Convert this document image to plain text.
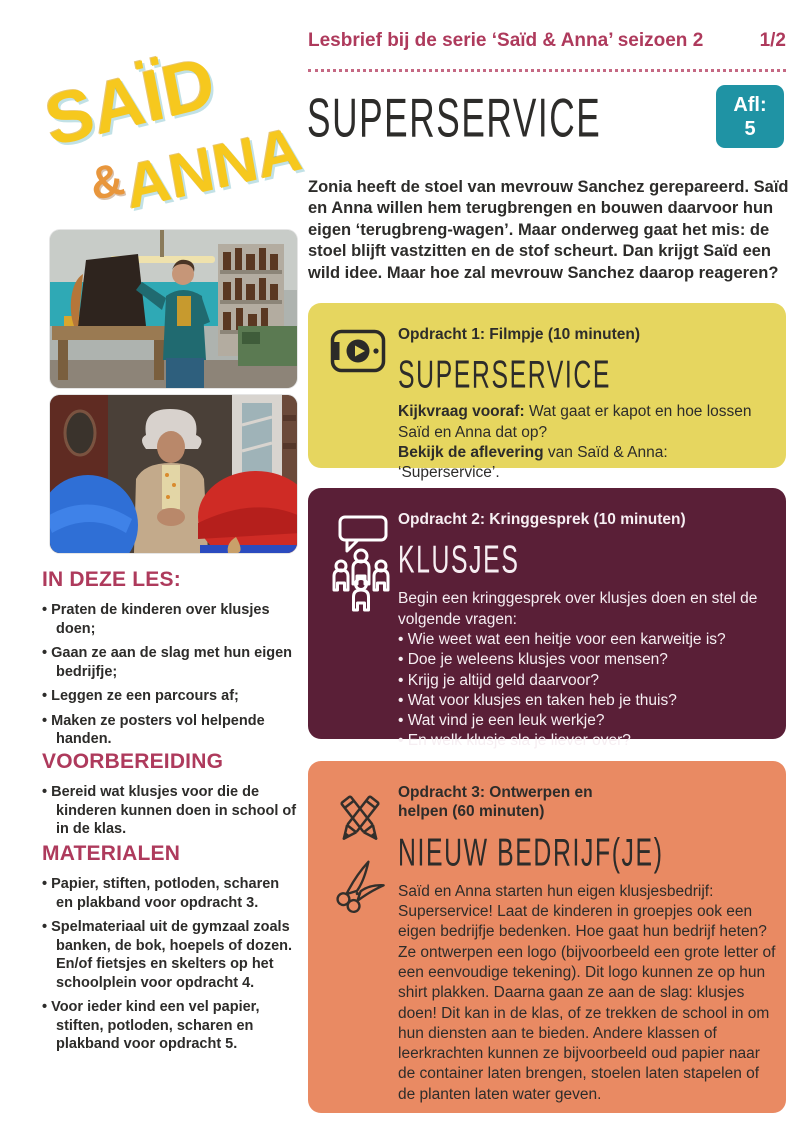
Lesbrief bij de serie ‘Saïd & Anna’ seizoen 2	1/2
SAÏD
&
ANNA
IN DEZE LES:
• Praten de kinderen over klusjes doen;
• Gaan ze aan de slag met hun eigen bedrijfje;
• Leggen ze een parcours af;
• Maken ze posters vol helpende handen.
VOORBEREIDING
• Bereid wat klusjes voor die de kinderen kunnen doen in school of in de klas.
MATERIALEN
• Papier, stiften, potloden, scharen en plakband voor opdracht 3.
• Spelmateriaal uit de gymzaal zoals banken, de bok, hoepels of dozen. En/of fietsjes en skelters op het schoolplein voor opdracht 4.
• Voor ieder kind een vel papier, stiften, potloden, scharen en plakband voor opdracht 5.
SUPERSERVICE	Afl:
5

Zonia heeft de stoel van mevrouw Sanchez gerepareerd. Saïd en Anna willen hem terugbrengen en bouwen daarvoor hun eigen ‘terugbreng-wagen’. Maar onderweg gaat het mis: de stoel blijft vastzitten en de stof scheurt. Dan krijgt Saïd een wild idee. Maar hoe zal mevrouw Sanchez daarop reageren?

Opdracht 1: Filmpje (10 minuten)
SUPERSERVICE
Kijkvraag vooraf: Wat gaat er kapot en hoe lossen Saïd en Anna dat op?
Bekijk de aflevering van Saïd & Anna: ‘Superservice’.
Opdracht 2: Kringgesprek (10 minuten)
KLUSJES
Begin een kringgesprek over klusjes doen en stel de volgende vragen:
• Wie weet wat een heitje voor een karweitje is?
• Doe je weleens klusjes voor mensen?
• Krijg je altijd geld daarvoor?
• Wat voor klusjes en taken heb je thuis?
• Wat vind je een leuk werkje?
• En welk klusje sla je liever over?
Opdracht 3: Ontwerpen en helpen (60 minuten)
NIEUW BEDRIJF(JE)
Saïd en Anna starten hun eigen klusjesbedrijf: Superservice! Laat de kinderen in groepjes ook een eigen bedrijfje bedenken. Hoe gaat hun bedrijf heten? Ze ontwerpen een logo (bijvoorbeeld een grote letter of een eenvoudige tekening). Dit logo kunnen ze op hun shirt plakken. Daarna gaan ze aan de slag: klusjes doen! Dit kan in de klas, of ze trekken de school in om hun diensten aan te bieden. Andere klassen of leerkrachten kunnen ze bijvoorbeeld oud papier naar de container laten brengen, stoelen laten stapelen of de planten laten water geven.
